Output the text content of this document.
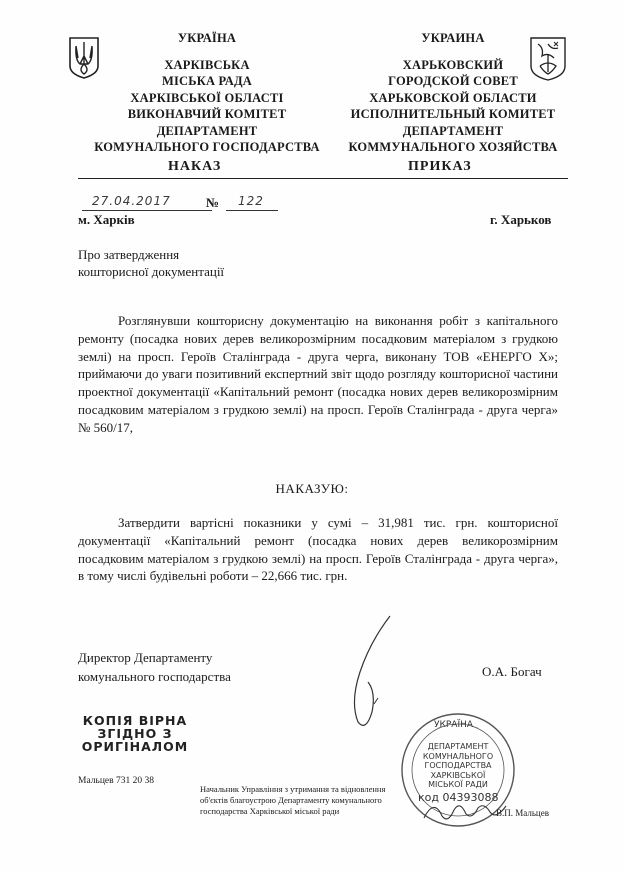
УКРАЇНА
ХАРКІВСЬКА
МІСЬКА РАДА
ХАРКІВСЬКОЇ ОБЛАСТІ
ВИКОНАВЧИЙ КОМІТЕТ
ДЕПАРТАМЕНТ
КОМУНАЛЬНОГО ГОСПОДАРСТВА
УКРАИНА
ХАРЬКОВСКИЙ
ГОРОДСКОЙ СОВЕТ
ХАРЬКОВСКОЙ ОБЛАСТИ
ИСПОЛНИТЕЛЬНЫЙ КОМИТЕТ
ДЕПАРТАМЕНТ
КОММУНАЛЬНОГО ХОЗЯЙСТВА
НАКАЗ	ПРИКАЗ
27.04.2017	№ 122
м. Харків	г. Харьков
Про затвердження
кошторисної документації

Розглянувши кошторисну документацію на виконання робіт з капітального ремонту (посадка нових дерев великорозмірним посадковим матеріалом з грудкою землі) на просп. Героїв Сталінграда - друга черга, виконану ТОВ «ЕНЕРГО Х»; приймаючи до уваги позитивний експертний звіт щодо розгляду кошторисної частини проектної документації «Капітальний ремонт (посадка нових дерев великорозмірним посадковим матеріалом з грудкою землі) на просп. Героїв Сталінграда - друга черга» № 560/17,

НАКАЗУЮ:

Затвердити вартісні показники у сумі – 31,981 тис. грн. кошторисної документації «Капітальний ремонт (посадка нових дерев великорозмірним посадковим матеріалом з грудкою землі) на просп. Героїв Сталінграда - друга черга», в тому числі будівельні роботи – 22,666 тис. грн.

Директор Департаменту
комунального господарства	О.А. Богач
КОПІЯ ВІРНА
ЗГІДНО З
ОРИГІНАЛОМ
Мальцев 731 20 38
УКРАЇНА
ДЕПАРТАМЕНТ
КОМУНАЛЬНОГО
ГОСПОДАРСТВА
ХАРКІВСЬКОЇ
МІСЬКОЇ РАДИ
код 04393088
Начальник Управління з утримання та відновлення
об'єктів благоустрою Департаменту комунального
господарства Харківської міської ради	В.П. Мальцев
